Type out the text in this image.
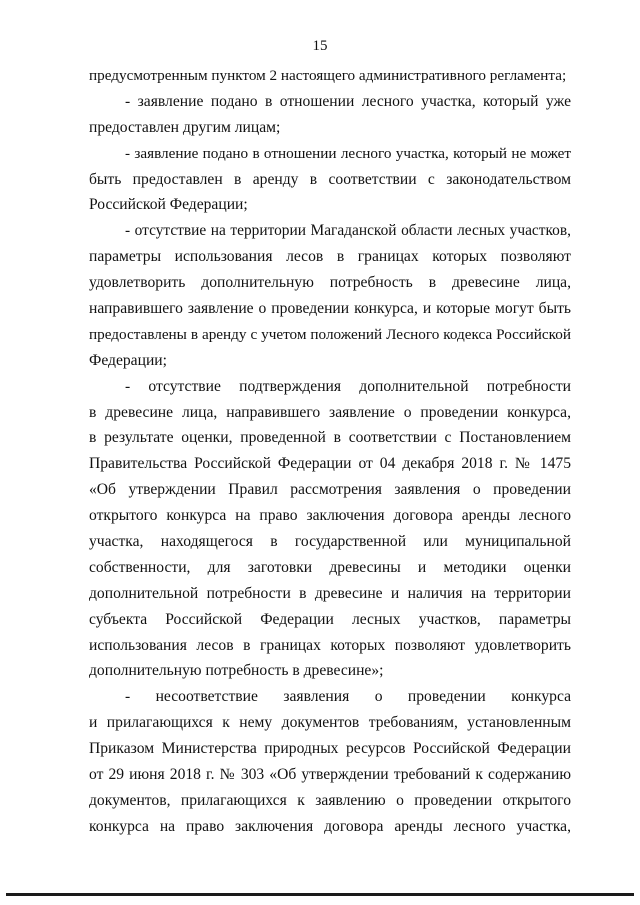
15
предусмотренным пунктом 2 настоящего административного регламента;
- заявление подано в отношении лесного участка, который уже
предоставлен другим лицам;
- заявление подано в отношении лесного участка, который не может
быть предоставлен в аренду в соответствии с законодательством
Российской Федерации;
- отсутствие на территории Магаданской области лесных участков,
параметры использования лесов в границах которых позволяют
удовлетворить дополнительную потребность в древесине лица,
направившего заявление о проведении конкурса, и которые могут быть
предоставлены в аренду с учетом положений Лесного кодекса Российской
Федерации;
- отсутствие подтверждения дополнительной потребности
в древесине лица, направившего заявление о проведении конкурса,
в результате оценки, проведенной в соответствии с Постановлением
Правительства Российской Федерации от 04 декабря 2018 г. № 1475
«Об утверждении Правил рассмотрения заявления о проведении
открытого конкурса на право заключения договора аренды лесного
участка, находящегося в государственной или муниципальной
собственности, для заготовки древесины и методики оценки
дополнительной потребности в древесине и наличия на территории
субъекта Российской Федерации лесных участков, параметры
использования лесов в границах которых позволяют удовлетворить
дополнительную потребность в древесине»;
- несоответствие заявления о проведении конкурса
и прилагающихся к нему документов требованиям, установленным
Приказом Министерства природных ресурсов Российской Федерации
от 29 июня 2018 г. № 303 «Об утверждении требований к содержанию
документов, прилагающихся к заявлению о проведении открытого
конкурса на право заключения договора аренды лесного участка,
